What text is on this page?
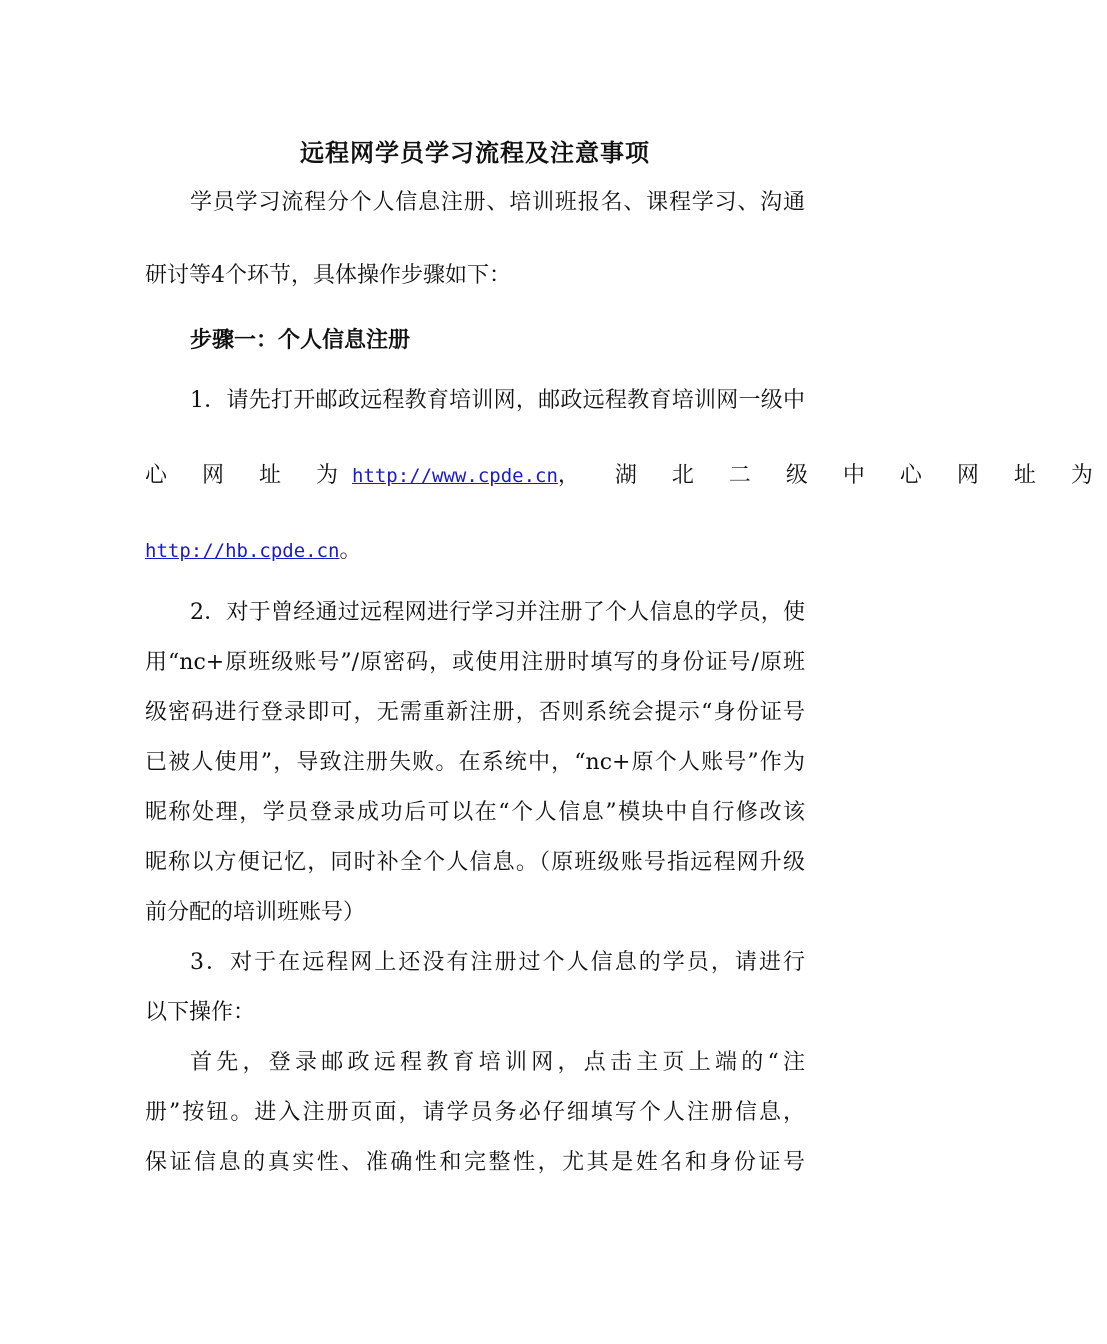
远程网学员学习流程及注意事项
学员学习流程分个人信息注册、培训班报名、课程学习、沟通
研讨等4个环节，具体操作步骤如下：
步骤一：个人信息注册
1．请先打开邮政远程教育培训网，邮政远程教育培训网一级中
心 网 址 为 http://www.cpde.cn ， 湖 北 二 级 中 心 网 址 为
http://hb.cpde.cn。
2．对于曾经通过远程网进行学习并注册了个人信息的学员，使
用“nc+原班级账号”/原密码，或使用注册时填写的身份证号/原班
级密码进行登录即可，无需重新注册，否则系统会提示“身份证号
已被人使用”，导致注册失败。在系统中，“nc+原个人账号”作为
昵称处理，学员登录成功后可以在“个人信息”模块中自行修改该
昵称以方便记忆，同时补全个人信息。（原班级账号指远程网升级
前分配的培训班账号）
3．对于在远程网上还没有注册过个人信息的学员，请进行
以下操作：
首先，登录邮政远程教育培训网，点击主页上端的“注
册”按钮。进入注册页面，请学员务必仔细填写个人注册信息，
保证信息的真实性、准确性和完整性，尤其是姓名和身份证号
